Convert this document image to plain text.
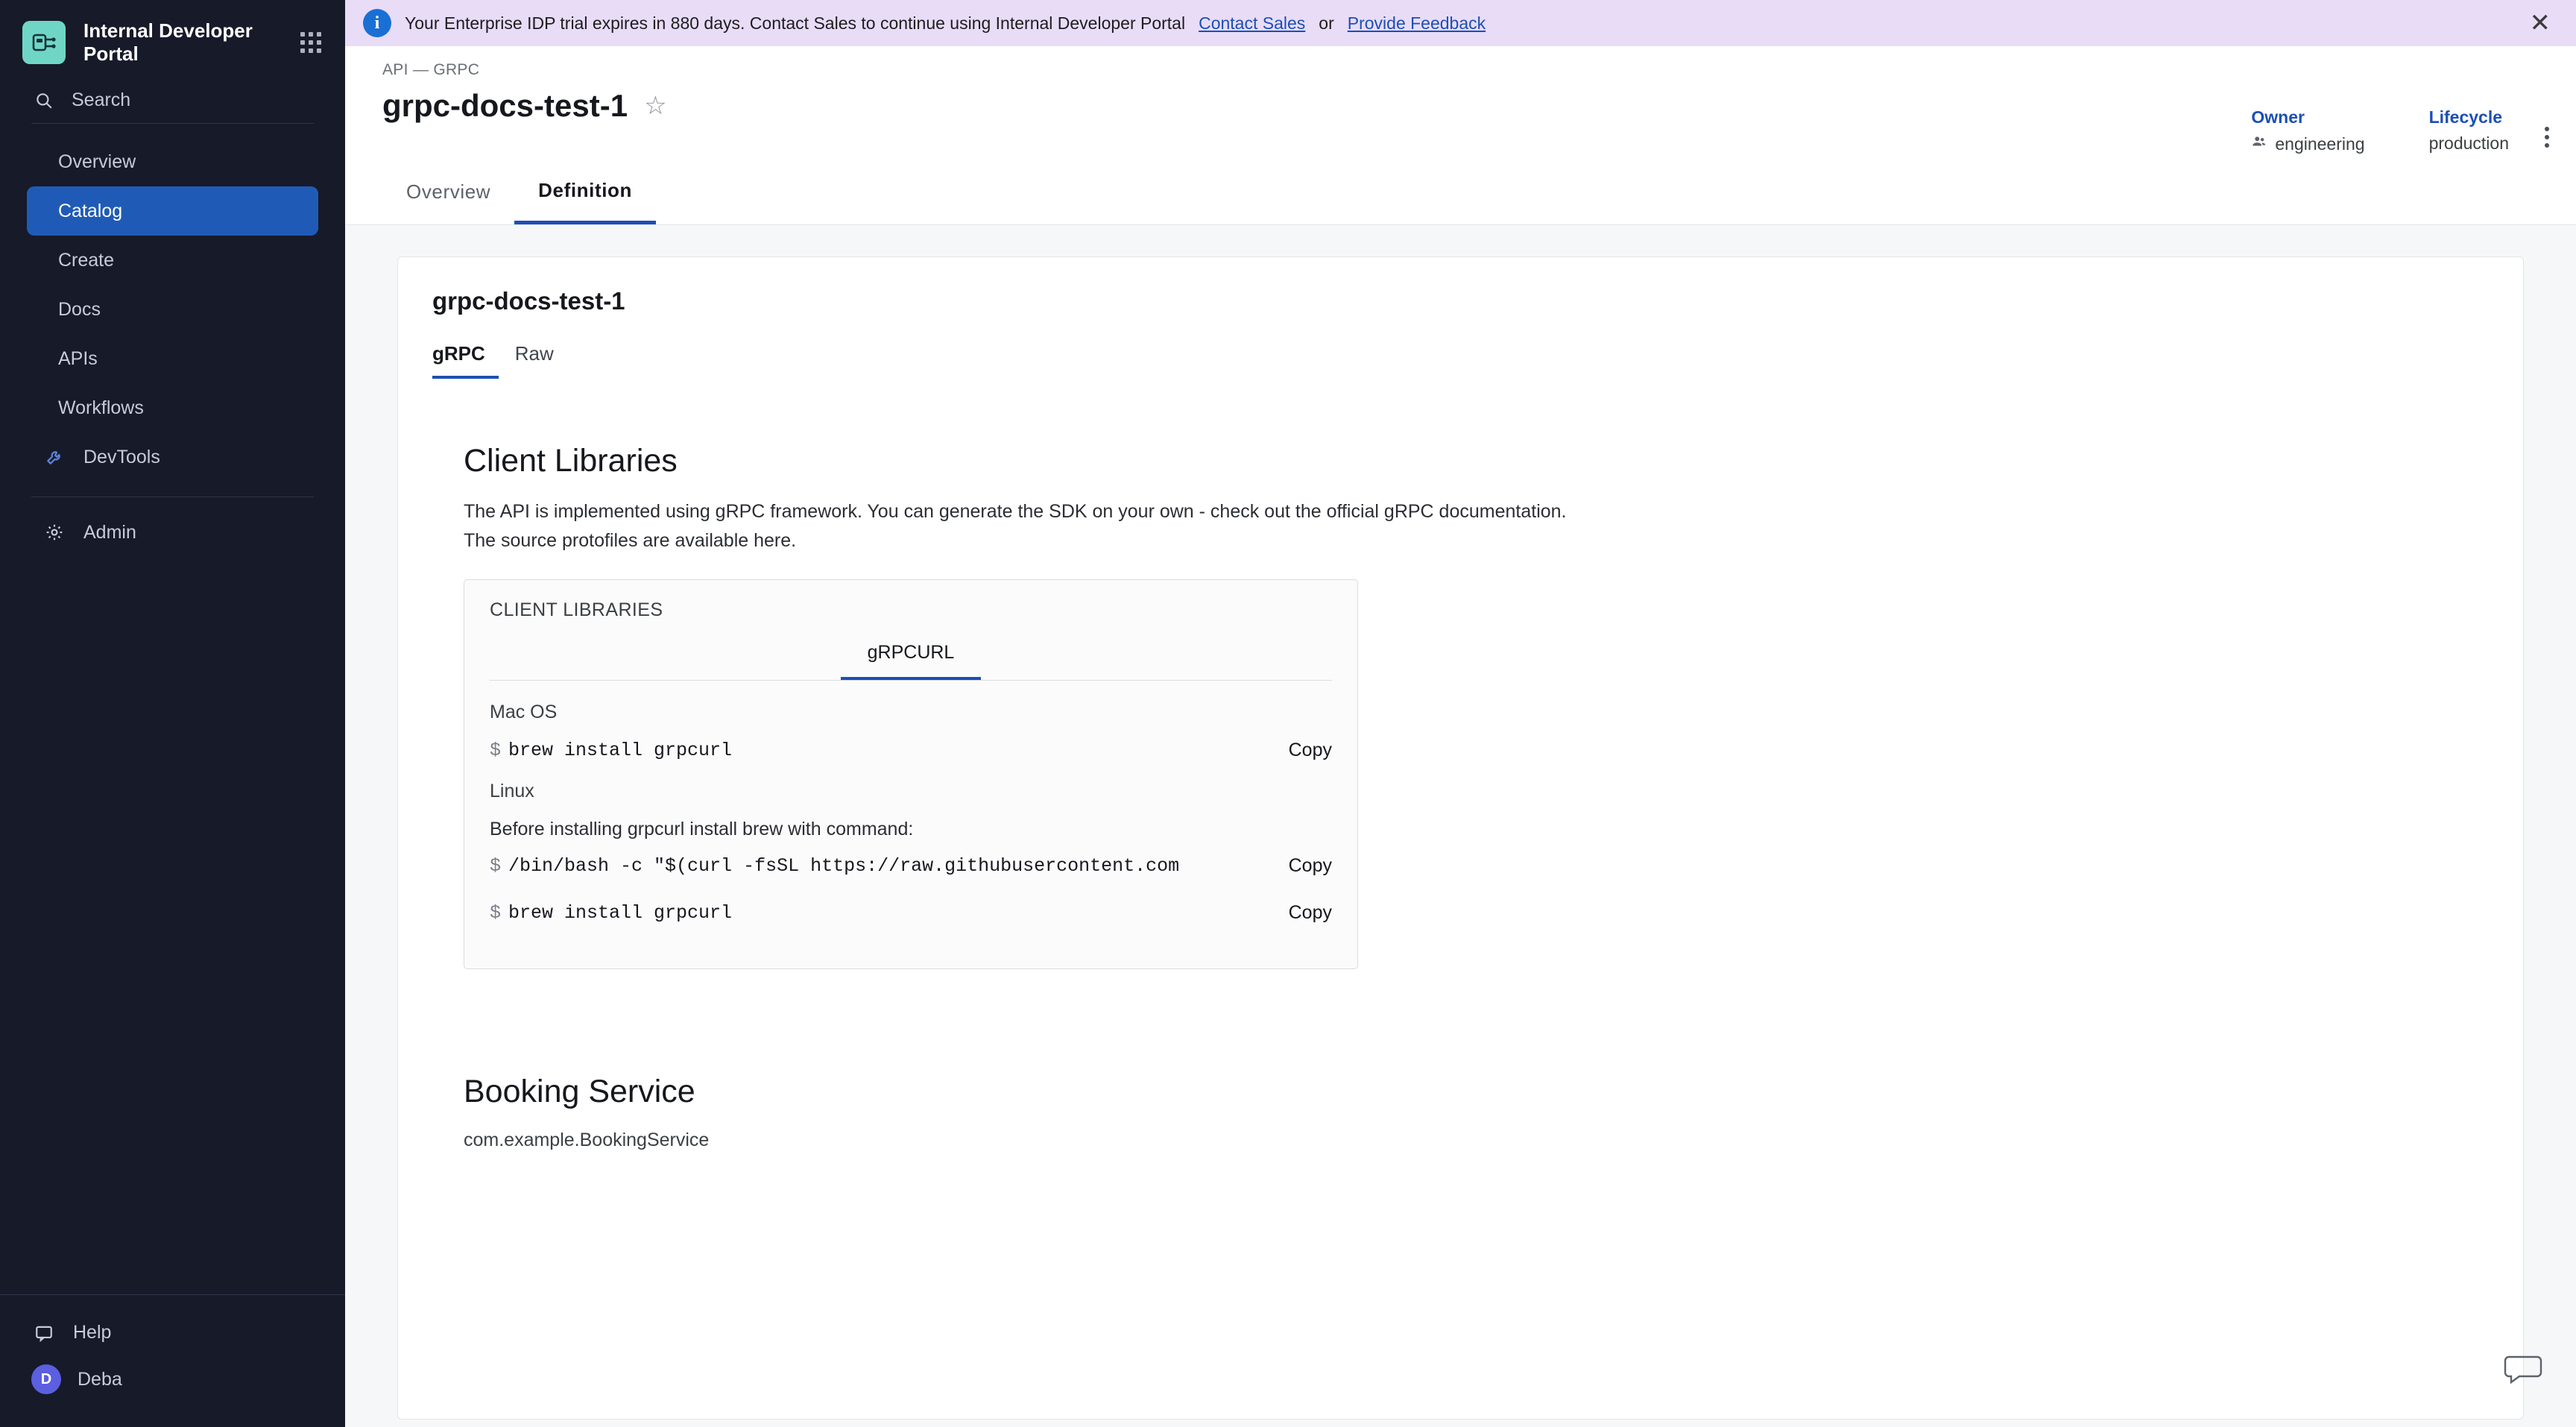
Internal Developer Portal
Search
Overview
Catalog
Create
Docs
APIs
Workflows
DevTools
Admin
Help
D	Deba
i	Your Enterprise IDP trial expires in 880 days. Contact Sales to continue using Internal Developer Portal Contact Sales or Provide Feedback	✕
API — GRPC
grpc-docs-test-1 ☆	Owner
engineering
Lifecycle
production
Overview	Definition
grpc-docs-test-1
gRPC	Raw
Client Libraries

The API is implemented using gRPC framework. You can generate the SDK on your own - check out the official gRPC documentation.
The source protofiles are available here.

CLIENT LIBRARIES
gRPCURL
Mac OS
$ brew install grpcurl	Copy
Linux
Before installing grpcurl install brew with command:
$ /bin/bash -c "$(curl -fsSL https://raw.githubusercontent.com	Copy
$ brew install grpcurl	Copy
Booking Service
com.example.BookingService
